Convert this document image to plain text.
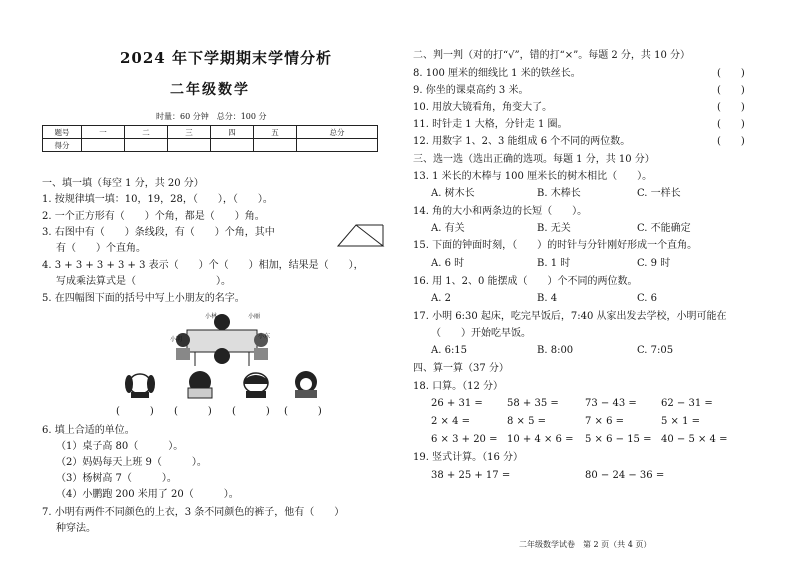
2024 年下学期期末学情分析
二年级数学
时量：60 分钟　总分：100 分
题号	一	二	三	四	五	总分
得分						
一、填一填（每空 1 分，共 20 分）
1. 按规律填一填：10，19，28，（　　），（　　）。
2. 一个正方形有（　　）个角，都是（　　）角。
3. 右图中有（　　）条线段，有（　　）个角，其中
有（　　）个直角。
4. 3 + 3 + 3 + 3 + 3 表示（　　）个（　　）相加，结果是（　　），
写成乘法算式是（　　　　　　　　）。
5. 在四幅图下面的括号中写上小朋友的名字。
小林	小丽
小明	小东
(　　　) (　　　) (　　　) (　　　)
6. 填上合适的单位。
（1）桌子高 80（　　　）。
（2）妈妈每天上班 9（　　　）。
（3）杨树高 7（　　　）。
（4）小鹏跑 200 米用了 20（　　　）。
7. 小明有两件不同颜色的上衣，3 条不同颜色的裤子，他有（　　）
种穿法。
二、判一判（对的打“√”，错的打“×”。每题 2 分，共 10 分）
8. 100 厘米的细线比 1 米的铁丝长。	(　　)
9. 你坐的课桌高约 3 米。	(　　)
10. 用放大镜看角，角变大了。	(　　)
11. 时针走 1 大格，分针走 1 圈。	(　　)
12. 用数字 1、2、3 能组成 6 个不同的两位数。	(　　)
三、选一选（选出正确的选项。每题 1 分，共 10 分）
13. 1 米长的木棒与 100 厘米长的树木相比（　　）。
A. 树木长	B. 木棒长	C. 一样长
14. 角的大小和两条边的长短（　　）。
A. 有关	B. 无关	C. 不能确定
15. 下面的钟面时刻，（　　）的时针与分针刚好形成一个直角。
A. 6 时	B. 1 时	C. 9 时
16. 用 1、2、0 能摆成（　　）个不同的两位数。
A. 2	B. 4	C. 6
17. 小明 6:30 起床，吃完早饭后，7:40 从家出发去学校，小明可能在
（　　）开始吃早饭。
A. 6:15	B. 8:00	C. 7:05
四、算一算（37 分）
18. 口算。（12 分）
26 + 31 = 58 + 35 =	73 − 43 = 62 − 31 =
2 × 4 =	8 × 5 =	7 × 6 =	5 × 1 =
6 × 3 + 20 = 10 + 4 × 6 = 5 × 6 − 15 = 40 − 5 × 4 =
19. 竖式计算。（16 分）
38 + 25 + 17 =	80 − 24 − 36 =
二年级数学试卷　第 2 页（共 4 页）
